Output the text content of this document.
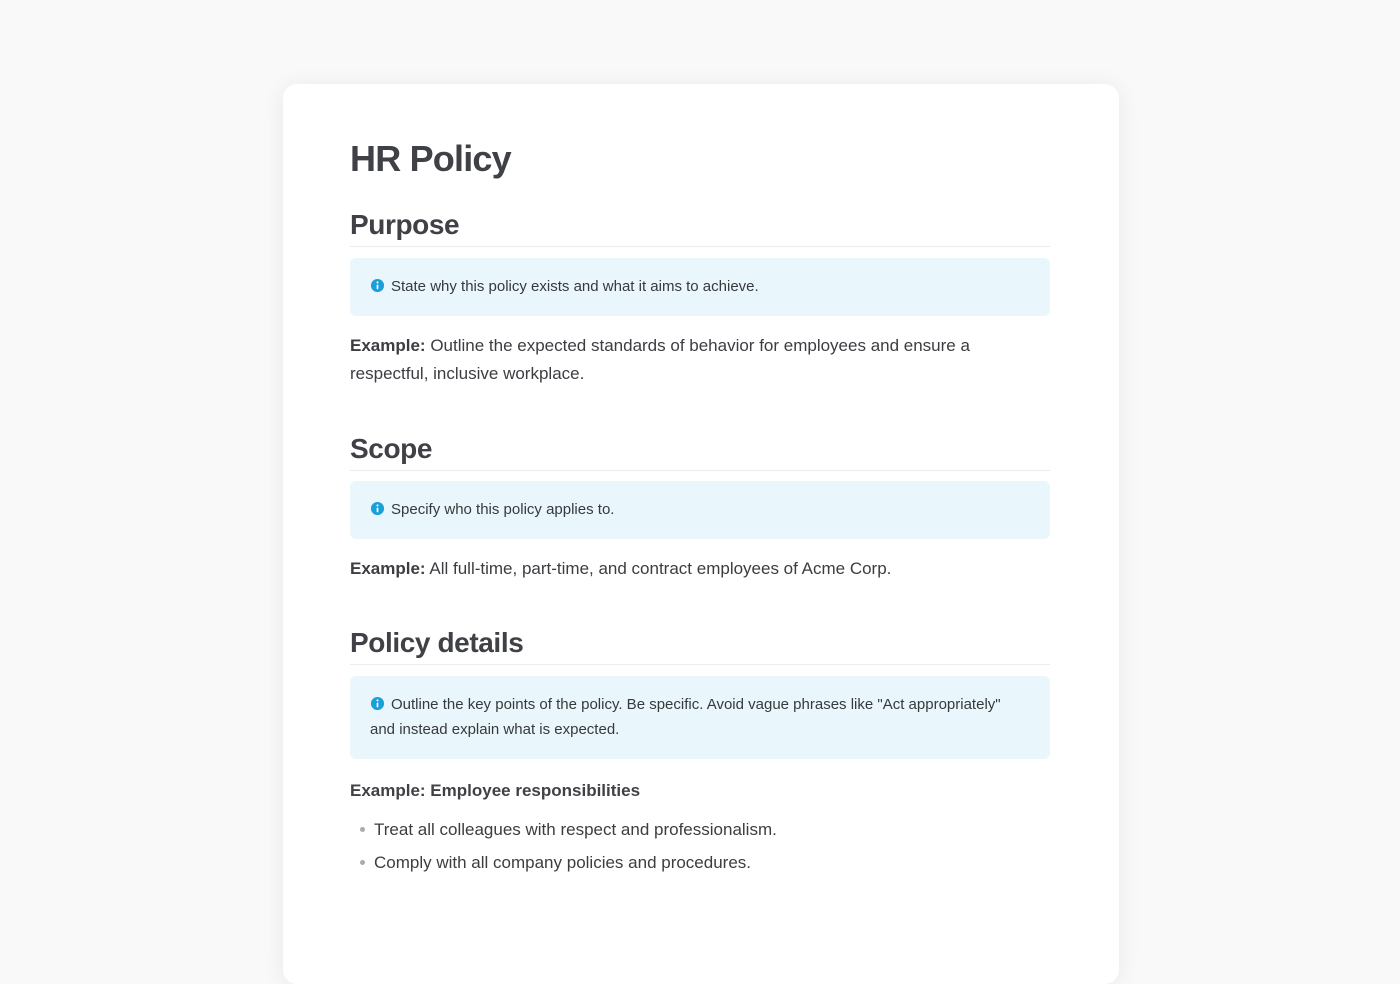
HR Policy
Purpose
State why this policy exists and what it aims to achieve.

Example: Outline the expected standards of behavior for employees and ensure a respectful, inclusive workplace.

Scope
Specify who this policy applies to.

Example: All full-time, part-time, and contract employees of Acme Corp.

Policy details
Outline the key points of the policy. Be specific. Avoid vague phrases like "Act appropriately" and instead explain what is expected.
Example: Employee responsibilities
Treat all colleagues with respect and professionalism.
Comply with all company policies and procedures.
